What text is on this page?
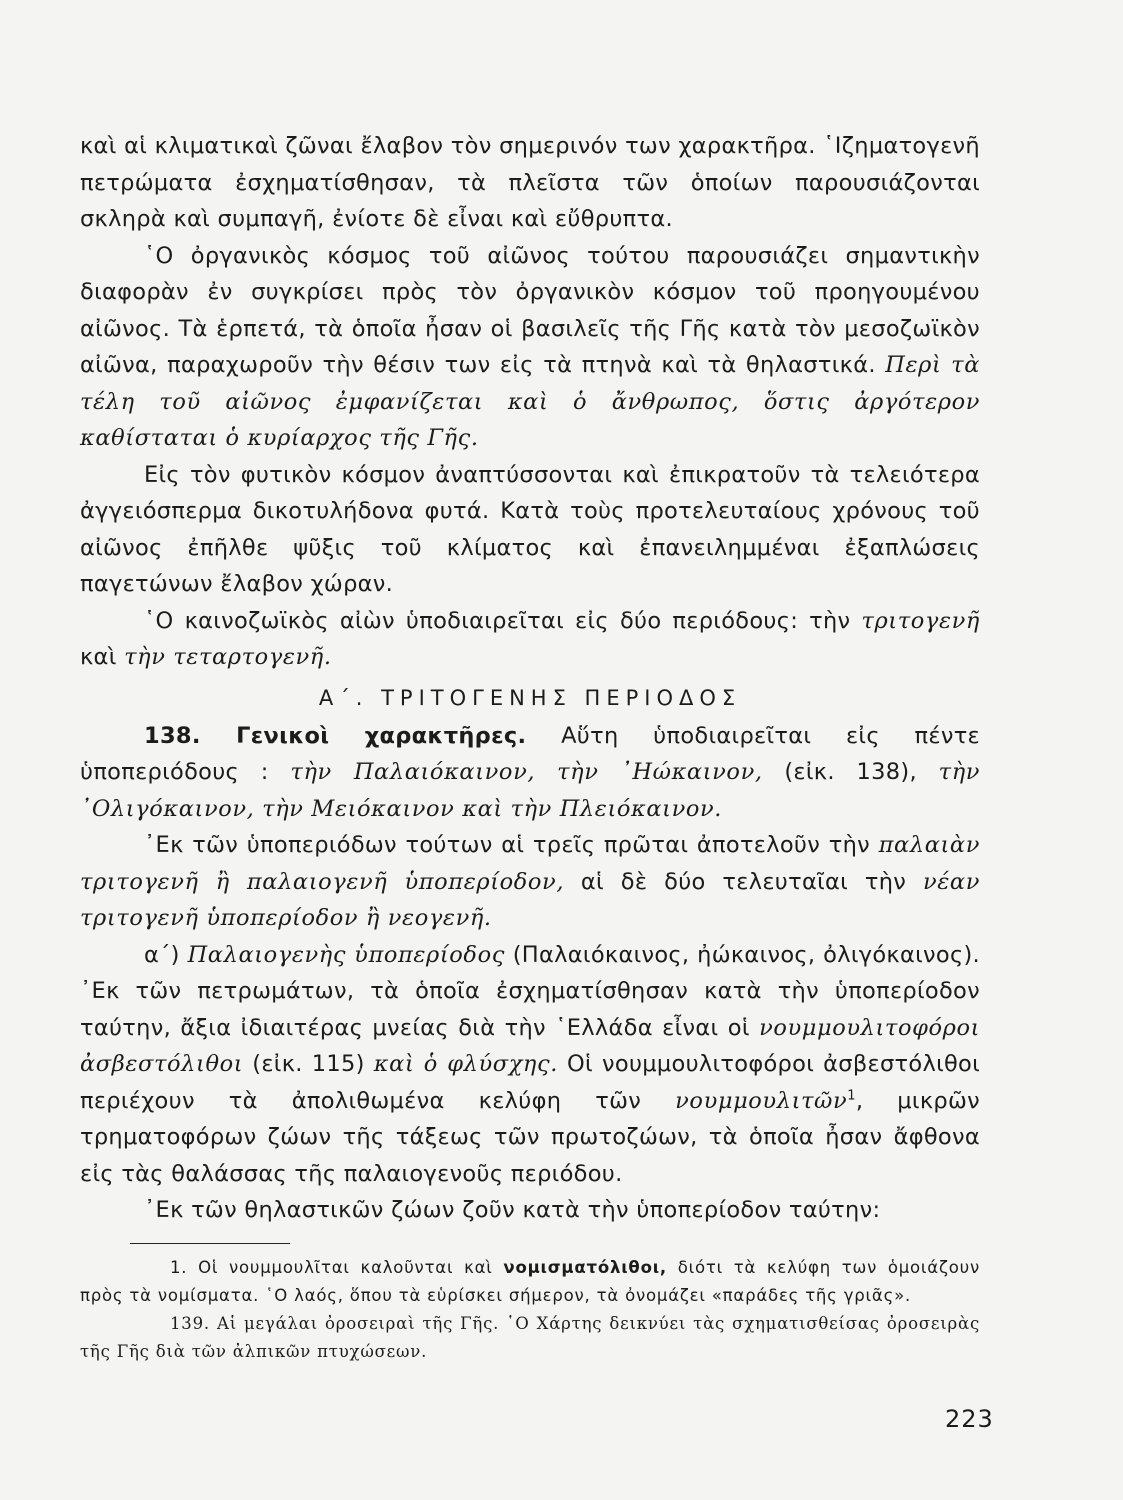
καὶ αἱ κλιματικαὶ ζῶναι ἔλαβον τὸν σημερινόν των χαρακτῆρα. ῾Ιζηματογενῆ πετρώματα ἐσχηματίσθησαν, τὰ πλεῖστα τῶν ὁποίων παρουσιάζονται σκληρὰ καὶ συμπαγῆ, ἐνίοτε δὲ εἶναι καὶ εὔθρυπτα.

῾Ο ὀργανικὸς κόσμος τοῦ αἰῶνος τούτου παρουσιάζει σημαντικὴν διαφορὰν ἐν συγκρίσει πρὸς τὸν ὀργανικὸν κόσμον τοῦ προηγουμένου αἰῶνος. Τὰ ἑρπετά, τὰ ὁποῖα ἦσαν οἱ βασιλεῖς τῆς Γῆς κατὰ τὸν μεσοζωϊκὸν αἰῶνα, παραχωροῦν τὴν θέσιν των εἰς τὰ πτηνὰ καὶ τὰ θηλαστικά. Περὶ τὰ τέλη τοῦ αἰῶνος ἐμφανίζεται καὶ ὁ ἄνθρωπος, ὅστις ἀργότερον καθίσταται ὁ κυρίαρχος τῆς Γῆς.

Εἰς τὸν φυτικὸν κόσμον ἀναπτύσσονται καὶ ἐπικρατοῦν τὰ τελειότερα ἀγγειόσπερμα δικοτυλήδονα φυτά. Κατὰ τοὺς προτελευταίους χρόνους τοῦ αἰῶνος ἐπῆλθε ψῦξις τοῦ κλίματος καὶ ἐπανειλημμέναι ἐξαπλώσεις παγετώνων ἔλαβον χώραν.

῾Ο καινοζωϊκὸς αἰὼν ὑποδιαιρεῖται εἰς δύο περιόδους: τὴν τριτογενῆ καὶ τὴν τεταρτογενῆ.

Α΄. ΤΡΙΤΟΓΕΝΗΣ ΠΕΡΙΟΔΟΣ

138. Γενικοὶ χαρακτῆρες. Αὕτη ὑποδιαιρεῖται εἰς πέντε ὑποπεριόδους : τὴν Παλαιόκαινον, τὴν ᾿Ηώκαινον, (εἰκ. 138), τὴν ᾿Ολιγόκαινον, τὴν Μειόκαινον καὶ τὴν Πλειόκαινον.

᾿Εκ τῶν ὑποπεριόδων τούτων αἱ τρεῖς πρῶται ἀποτελοῦν τὴν παλαιὰν τριτογενῆ ἢ παλαιογενῆ ὑποπερίοδον, αἱ δὲ δύο τελευταῖαι τὴν νέαν τριτογενῆ ὑποπερίοδον ἢ νεογενῆ.

α΄) Παλαιογενὴς ὑποπερίοδος (Παλαιόκαινος, ἠώκαινος, ὀλιγόκαινος). ᾿Εκ τῶν πετρωμάτων, τὰ ὁποῖα ἐσχηματίσθησαν κατὰ τὴν ὑποπερίοδον ταύτην, ἄξια ἰδιαιτέρας μνείας διὰ τὴν ῾Ελλάδα εἶναι οἱ νουμμουλιτοφόροι ἀσβεστόλιθοι (εἰκ. 115) καὶ ὁ φλύσχης. Οἱ νουμμουλιτοφόροι ἀσβεστόλιθοι περιέχουν τὰ ἀπολιθωμένα κελύφη τῶν νουμμουλιτῶν$^1$, μικρῶν τρηματοφόρων ζώων τῆς τάξεως τῶν πρωτοζώων, τὰ ὁποῖα ἦσαν ἄφθονα εἰς τὰς θαλάσσας τῆς παλαιογενοῦς περιόδου.

᾿Εκ τῶν θηλαστικῶν ζώων ζοῦν κατὰ τὴν ὑποπερίοδον ταύτην:

1. Οἱ νουμμουλῖται καλοῦνται καὶ νομισματόλιθοι, διότι τὰ κελύφη των ὁμοιάζουν πρὸς τὰ νομίσματα. ῾Ο λαός, ὅπου τὰ εὑρίσκει σήμερον, τὰ ὀνομάζει «παράδες τῆς γριᾶς».

139. Αἱ μεγάλαι ὀροσειραὶ τῆς Γῆς. ῾Ο Χάρτης δεικνύει τὰς σχηματισθείσας ὀροσειρὰς τῆς Γῆς διὰ τῶν ἀλπικῶν πτυχώσεων.

223
